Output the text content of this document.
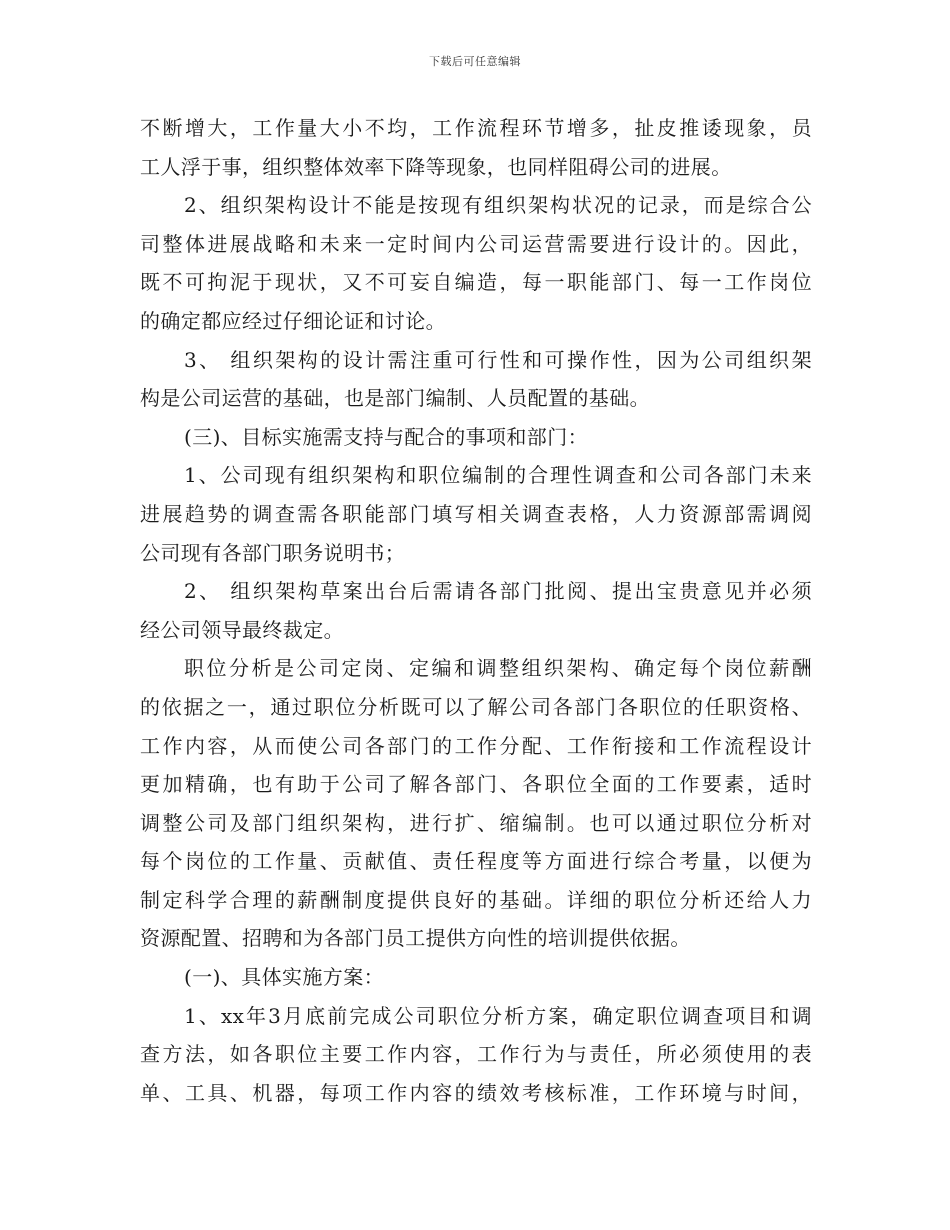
下载后可任意编辑
不断增大，工作量大小不均，工作流程环节增多，扯皮推诿现象，员
工人浮于事，组织整体效率下降等现象，也同样阻碍公司的进展。
2、组织架构设计不能是按现有组织架构状况的记录，而是综合公
司整体进展战略和未来一定时间内公司运营需要进行设计的。因此，
既不可拘泥于现状，又不可妄自编造，每一职能部门、每一工作岗位
的确定都应经过仔细论证和讨论。
3、 组织架构的设计需注重可行性和可操作性，因为公司组织架
构是公司运营的基础，也是部门编制、人员配置的基础。
(三)、目标实施需支持与配合的事项和部门：
1、公司现有组织架构和职位编制的合理性调查和公司各部门未来
进展趋势的调查需各职能部门填写相关调查表格，人力资源部需调阅
公司现有各部门职务说明书；
2、 组织架构草案出台后需请各部门批阅、提出宝贵意见并必须
经公司领导最终裁定。
职位分析是公司定岗、定编和调整组织架构、确定每个岗位薪酬
的依据之一，通过职位分析既可以了解公司各部门各职位的任职资格、
工作内容，从而使公司各部门的工作分配、工作衔接和工作流程设计
更加精确，也有助于公司了解各部门、各职位全面的工作要素，适时
调整公司及部门组织架构，进行扩、缩编制。也可以通过职位分析对
每个岗位的工作量、贡献值、责任程度等方面进行综合考量，以便为
制定科学合理的薪酬制度提供良好的基础。详细的职位分析还给人力
资源配置、招聘和为各部门员工提供方向性的培训提供依据。
(一)、具体实施方案：
1、xx年3月底前完成公司职位分析方案，确定职位调查项目和调
查方法，如各职位主要工作内容，工作行为与责任，所必须使用的表
单、工具、机器，每项工作内容的绩效考核标准，工作环境与时间，
